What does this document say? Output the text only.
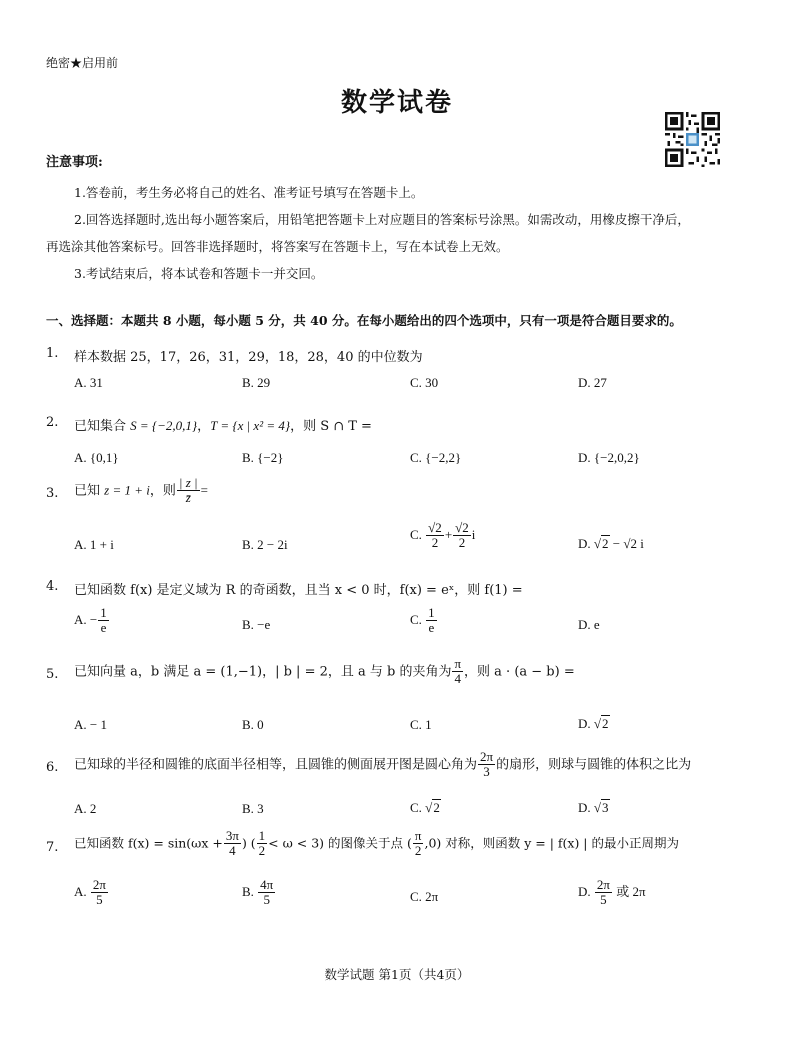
绝密★启用前
数学试卷
注意事项:
1.答卷前，考生务必将自己的姓名、准考证号填写在答题卡上。
2.回答选择题时,选出每小题答案后，用铅笔把答题卡上对应题目的答案标号涂黑。如需改动，用橡皮擦干净后，
再选涂其他答案标号。回答非选择题时，将答案写在答题卡上，写在本试卷上无效。
3.考试结束后，将本试卷和答题卡一并交回。
一、选择题：本题共 8 小题，每小题 5 分，共 40 分。在每小题给出的四个选项中，只有一项是符合题目要求的。
1. 样本数据 25，17，26，31，29，18，28，40 的中位数为
A. 31	B. 29	C. 30	D. 27
2. 已知集合 S = {−2,0,1}，T = {x | x² = 4}，则 S ∩ T =
A. {0,1}	B. {−2}	C. {−2,2}	D. {−2,0,2}
3. 已知 z = 1 + i，则 $\frac{| z |}{z̄}$ =
A. 1 + i	B. 2 − 2i
C. $\frac{√2}{2} + \frac{√2}{2}$ i
D. √2 − √2 i
4. 已知函数 f(x) 是定义域为 R 的奇函数，且当 x < 0 时，f(x) = eˣ，则 f(1) =
A. − $\frac{1}{e}$	B. −e	C. $\frac{1}{e}$	D. e
5. 已知向量 a，b 满足 a = (1,−1)，| b | = 2，且 a 与 b 的夹角为 $\frac{\pi}{4}$ ，则 a · (a − b) =
A. − 1	B. 0	C. 1	D. √2
6. 已知球的半径和圆锥的底面半径相等，且圆锥的侧面展开图是圆心角为 $\frac{2\pi}{3}$ 的扇形，则球与圆锥的体积之比为
A. 2	B. 3	C. √2	D. √3
7. 已知函数 $f(x) = \sin(\omega x + \frac{3\pi}{4}$ ) ( $\frac{1}{2} < \omega < 3$) 的图像关于点 ( $\frac{\pi}{2} ,0$) 对称，则函数 y = | f(x) | 的最小正周期为
A. $\frac{2\pi}{5}$	B. $\frac{4\pi}{5}$	C. 2π	D. $\frac{2\pi}{5}$ 或 2π
数学试题 第1页（共4页）
